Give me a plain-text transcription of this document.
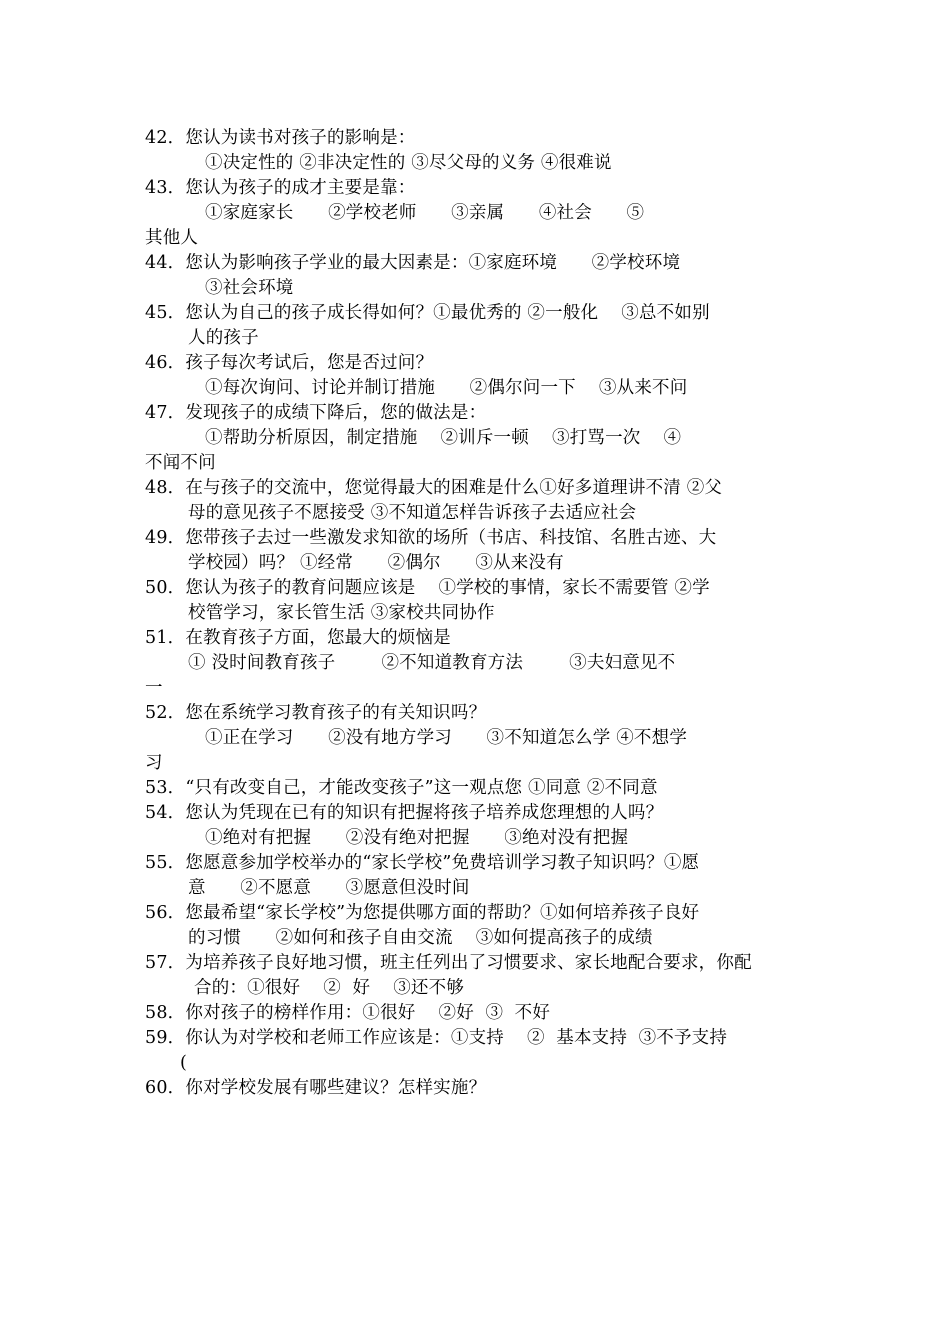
42．您认为读书对孩子的影响是：
①决定性的 ②非决定性的 ③尽父母的义务 ④很难说
43．您认为孩子的成才主要是靠：
①家庭家长      ②学校老师      ③亲属      ④社会      ⑤
其他人
44．您认为影响孩子学业的最大因素是：①家庭环境      ②学校环境
③社会环境
45．您认为自己的孩子成长得如何？①最优秀的 ②一般化    ③总不如别
人的孩子
46．孩子每次考试后，您是否过问？
①每次询问、讨论并制订措施      ②偶尔问一下    ③从来不问
47．发现孩子的成绩下降后，您的做法是：
①帮助分析原因，制定措施    ②训斥一顿    ③打骂一次    ④
不闻不问
48．在与孩子的交流中，您觉得最大的困难是什么①好多道理讲不清 ②父
母的意见孩子不愿接受 ③不知道怎样告诉孩子去适应社会
49．您带孩子去过一些激发求知欲的场所（书店、科技馆、名胜古迹、大
学校园）吗？ ①经常      ②偶尔      ③从来没有
50．您认为孩子的教育问题应该是    ①学校的事情，家长不需要管 ②学
校管学习，家长管生活 ③家校共同协作
51．在教育孩子方面，您最大的烦恼是
① 没时间教育孩子        ②不知道教育方法        ③夫妇意见不
一
52．您在系统学习教育孩子的有关知识吗？
①正在学习      ②没有地方学习      ③不知道怎么学 ④不想学
习
53．“只有改变自己，才能改变孩子”这一观点您 ①同意 ②不同意
54．您认为凭现在已有的知识有把握将孩子培养成您理想的人吗？
①绝对有把握      ②没有绝对把握      ③绝对没有把握
55．您愿意参加学校举办的“家长学校”免费培训学习教子知识吗？①愿
意      ②不愿意      ③愿意但没时间
56．您最希望“家长学校”为您提供哪方面的帮助？①如何培养孩子良好
的习惯      ②如何和孩子自由交流    ③如何提高孩子的成绩
57．为培养孩子良好地习惯，班主任列出了习惯要求、家长地配合要求，你配
合的：①很好    ②  好    ③还不够
58．你对孩子的榜样作用：①很好    ②好  ③  不好
59．你认为对学校和老师工作应该是：①支持    ②  基本支持  ③不予支持
(
60．你对学校发展有哪些建议？怎样实施？
